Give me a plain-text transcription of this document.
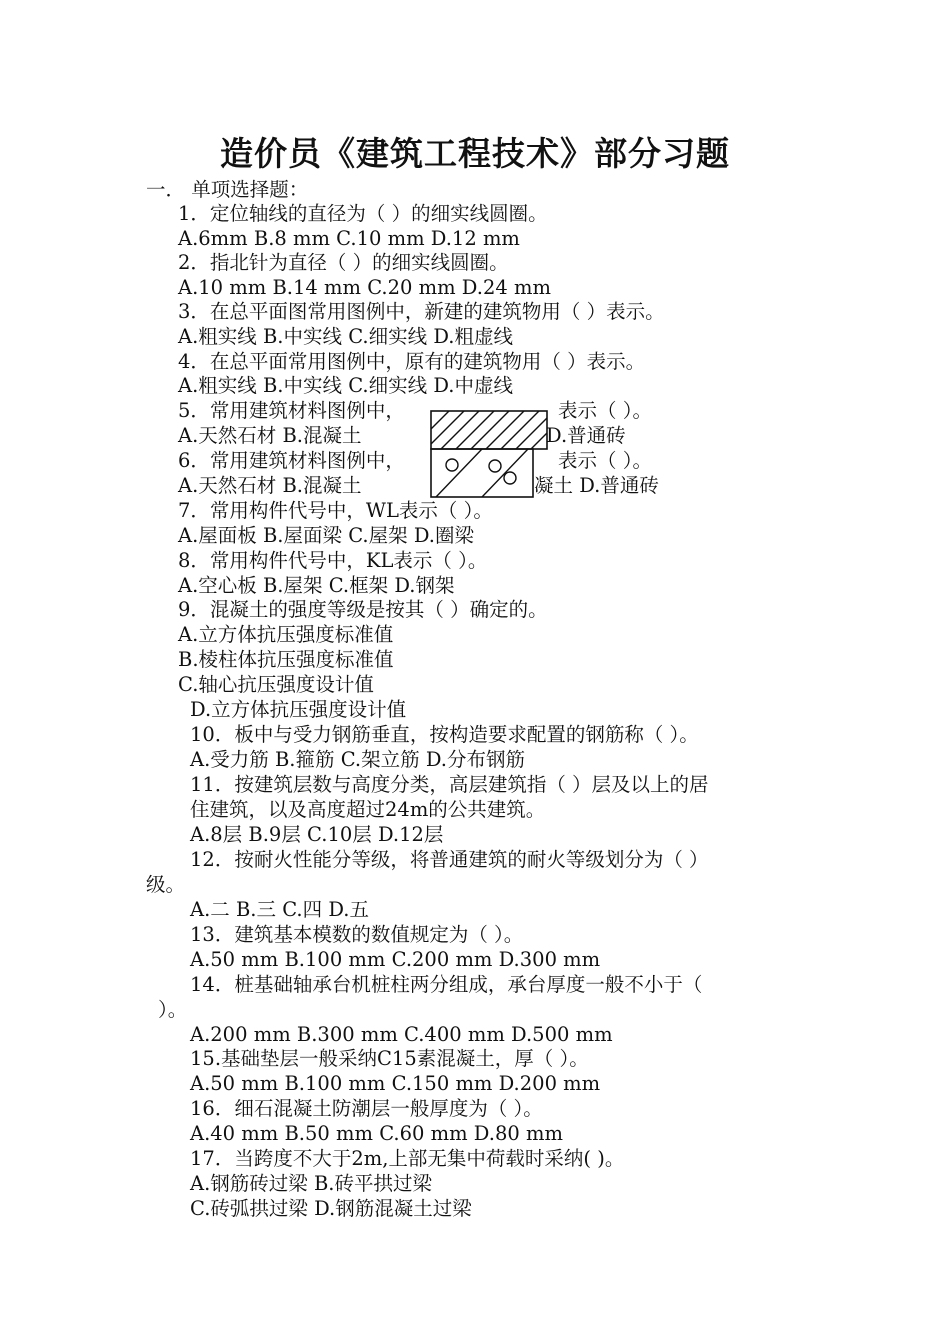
造价员《建筑工程技术》部分习题
一． 单项选择题：
1．定位轴线的直径为（ ）的细实线圆圈。
A.6mm B.8 mm C.10 mm D.12 mm
2．指北针为直径（ ）的细实线圆圈。
A.10 mm B.14 mm C.20 mm D.24 mm
3．在总平面图常用图例中，新建的建筑物用（ ）表示。
A.粗实线 B.中实线 C.细实线 D.粗虚线
4．在总平面常用图例中，原有的建筑物用（ ）表示。
A.粗实线 B.中实线 C.细实线 D.中虚线
5．常用建筑材料图例中，	表示（ ）。
A.天然石材 B.混凝土	D.普通砖
6．常用建筑材料图例中，	表示（ ）。
A.天然石材 B.混凝土	凝土 D.普通砖
7．常用构件代号中，WL表示（ ）。
A.屋面板 B.屋面梁 C.屋架 D.圈梁
8．常用构件代号中，KL表示（ ）。
A.空心板 B.屋架 C.框架 D.钢架
9．混凝土的强度等级是按其（ ）确定的。
A.立方体抗压强度标准值
B.棱柱体抗压强度标准值
C.轴心抗压强度设计值
D.立方体抗压强度设计值
10．板中与受力钢筋垂直，按构造要求配置的钢筋称（ ）。
A.受力筋 B.箍筋 C.架立筋 D.分布钢筋
11．按建筑层数与高度分类，高层建筑指（ ）层及以上的居
住建筑，以及高度超过24m的公共建筑。
A.8层 B.9层 C.10层 D.12层
12．按耐火性能分等级，将普通建筑的耐火等级划分为（ ）
级。
A.二 B.三 C.四 D.五
13．建筑基本模数的数值规定为（ ）。
A.50 mm B.100 mm C.200 mm D.300 mm
14．桩基础轴承台机桩柱两分组成，承台厚度一般不小于（
）。
A.200 mm B.300 mm C.400 mm D.500 mm
15.基础垫层一般采纳C15素混凝土，厚（ ）。
A.50 mm B.100 mm C.150 mm D.200 mm
16．细石混凝土防潮层一般厚度为（ ）。
A.40 mm B.50 mm C.60 mm D.80 mm
17．当跨度不大于2m,上部无集中荷载时采纳( )。
A.钢筋砖过梁 B.砖平拱过梁
C.砖弧拱过梁 D.钢筋混凝土过梁
